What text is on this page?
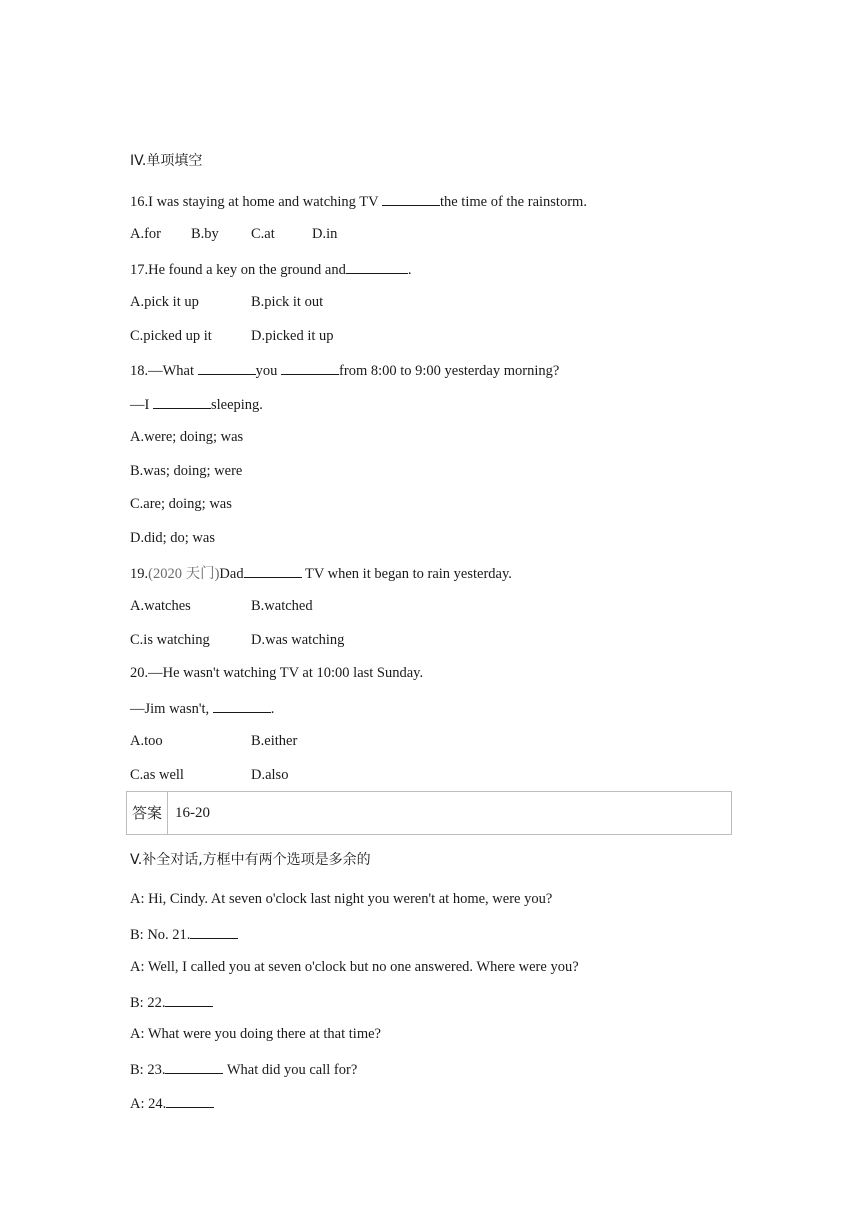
IV.单项填空
16.I was staying at home and watching TV	the time of the rainstorm.
A.for B.by C.at	D.in
17.He found a key on the ground and	.
A.pick it up	B.pick it out
C.picked up it	D.picked it up
18.—What	you	from 8:00 to 9:00 yesterday morning?
—I	sleeping.
A.were; doing; was
B.was; doing; were
C.are; doing; was
D.did; do; was
19.(2020 天门)Dad	TV when it began to rain yesterday.
A.watches	B.watched
C.is watching	D.was watching
20.—He wasn't watching TV at 10:00 last Sunday.
—Jim wasn't,	.
A.too	B.either
C.as well	D.also
答案 16-20
V.补全对话,方框中有两个选项是多余的
A: Hi, Cindy. At seven o'clock last night you weren't at home, were you?
B: No. 21.
A: Well, I called you at seven o'clock but no one answered. Where were you?
B: 22.
A: What were you doing there at that time?
B: 23.	What did you call for?
A: 24.
